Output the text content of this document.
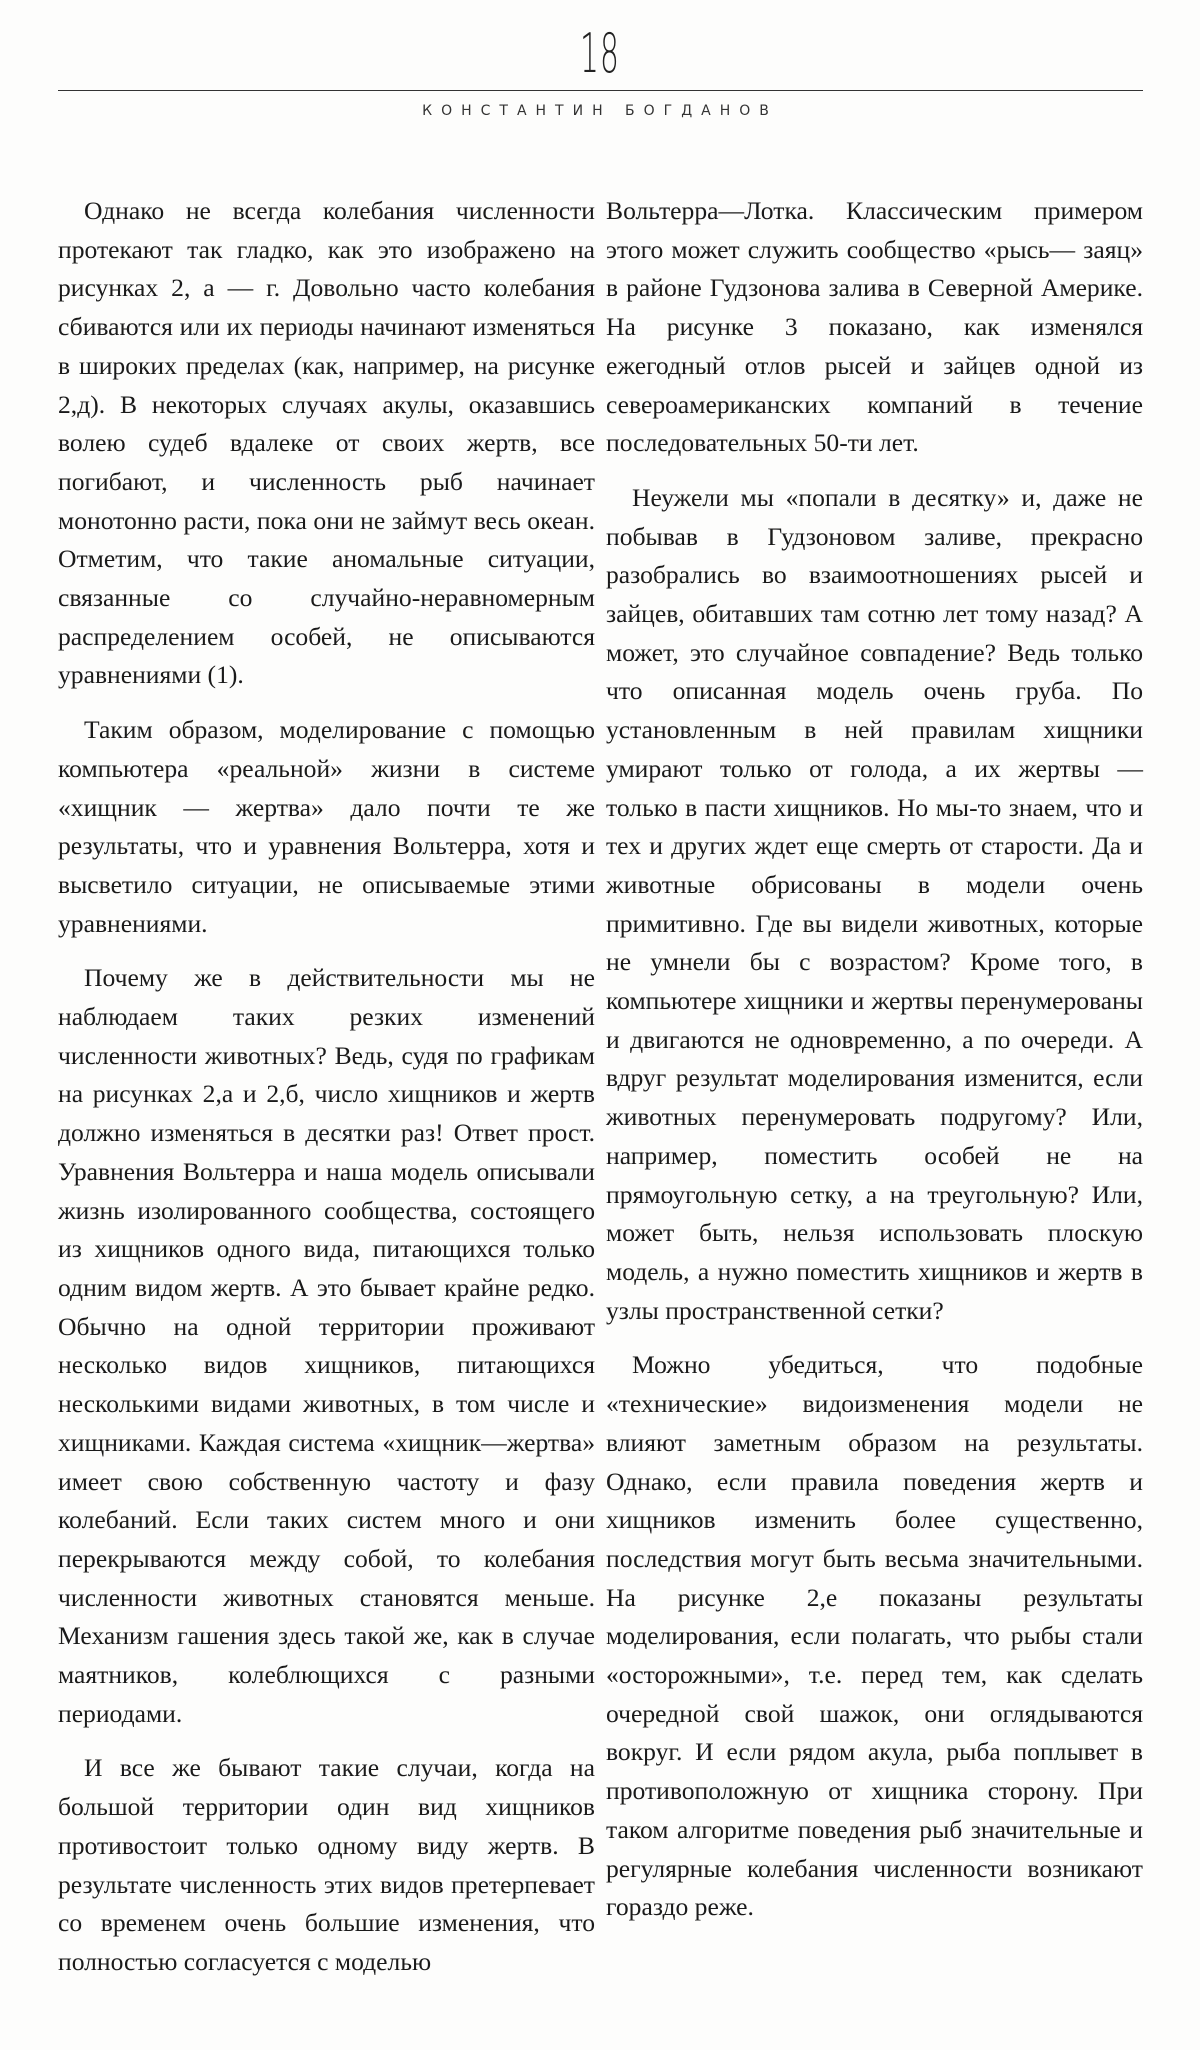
18
КОНСТАНТИН БОГДАНОВ

Однако не всегда колебания численности протекают так гладко, как это изображено на рисунках 2, а — г. Довольно часто колебания сбиваются или их периоды начинают изменяться в широких пределах (как, например, на рисунке 2,д). В некоторых случаях акулы, оказавшись волею судеб вдалеке от своих жертв, все погибают, и численность рыб начинает монотонно расти, пока они не займут весь океан. Отметим, что такие аномальные ситуации, связанные со случайно-неравномерным распределением особей, не описываются уравнениями (1).

Таким образом, моделирование с помощью компьютера «реальной» жизни в системе «хищник — жертва» дало почти те же результаты, что и уравнения Вольтерра, хотя и высветило ситуации, не описываемые этими уравнениями.

Почему же в действительности мы не наблюдаем таких резких изменений численности животных? Ведь, судя по графикам на рисунках 2,а и 2,б, число хищников и жертв должно изменяться в десятки раз! Ответ прост. Уравнения Вольтерра и наша модель описывали жизнь изолированного сообщества, состоящего из хищников одного вида, питающихся только одним видом жертв. А это бывает крайне редко. Обычно на одной территории проживают несколько видов хищников, питающихся несколькими видами животных, в том числе и хищниками. Каждая система «хищник—жертва» имеет свою собственную частоту и фазу колебаний. Если таких систем много и они перекрываются между собой, то колебания численности животных становятся меньше. Механизм гашения здесь такой же, как в случае маятников, колеблющихся с разными периодами.

И все же бывают такие случаи, когда на большой территории один вид хищников противостоит только одному виду жертв. В результате численность этих видов претерпевает со временем очень большие изменения, что полностью согласуется с моделью

Вольтерра—Лотка. Классическим примером этого может служить сообщество «рысь— заяц» в районе Гудзонова залива в Северной Америке. На рисунке 3 показано, как изменялся ежегодный отлов рысей и зайцев одной из североамериканских компаний в течение последовательных 50-ти лет.

Неужели мы «попали в десятку» и, даже не побывав в Гудзоновом заливе, прекрасно разобрались во взаимоотношениях рысей и зайцев, обитавших там сотню лет тому назад? А может, это случайное совпадение? Ведь только что описанная модель очень груба. По установленным в ней правилам хищники умирают только от голода, а их жертвы — только в пасти хищников. Но мы-то знаем, что и тех и других ждет еще смерть от старости. Да и животные обрисованы в модели очень примитивно. Где вы видели животных, которые не умнели бы с возрастом? Кроме того, в компьютере хищники и жертвы перенумерованы и двигаются не одновременно, а по очереди. А вдруг результат моделирования изменится, если животных перенумеровать подругому? Или, например, поместить особей не на прямоугольную сетку, а на треугольную? Или, может быть, нельзя использовать плоскую модель, а нужно поместить хищников и жертв в узлы пространственной сетки?

Можно убедиться, что подобные «технические» видоизменения модели не влияют заметным образом на результаты. Однако, если правила поведения жертв и хищников изменить более существенно, последствия могут быть весьма значительными. На рисунке 2,е показаны результаты моделирования, если полагать, что рыбы стали «осторожными», т.е. перед тем, как сделать очередной свой шажок, они оглядываются вокруг. И если рядом акула, рыба поплывет в противоположную от хищника сторону. При таком алгоритме поведения рыб значительные и регулярные колебания численности возникают гораздо реже.
